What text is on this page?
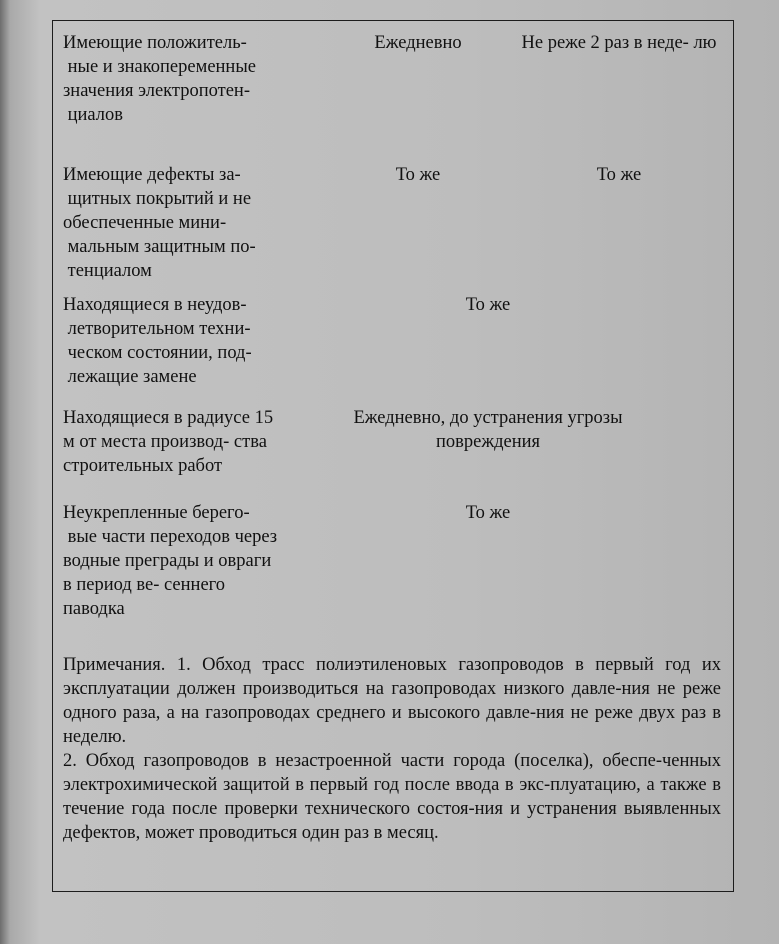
Имеющие положитель- ные и знакопеременные значения электропотен- циалов
Ежедневно	Не реже 2 раз в неде- лю
Имеющие дефекты за- щитных покрытий и не обеспеченные мини- мальным защитным по- тенциалом
То же	То же
Находящиеся в неудов- летворительном техни- ческом состоянии, под- лежащие замене
То же
Находящиеся в радиусе 15 м от места производ- ства строительных работ
Ежедневно, до устранения угрозы повреждения
Неукрепленные берего- вые части переходов через водные преграды и овраги в период ве- сеннего паводка
То же

Примечания. 1. Обход трасс полиэтиленовых газопроводов в первый год их эксплуатации должен производиться на газопроводах низкого давле-ния не реже одного раза, а на газопроводах среднего и высокого давле-ния не реже двух раз в неделю.

2. Обход газопроводов в незастроенной части города (поселка), обеспе-ченных электрохимической защитой в первый год после ввода в экс-плуатацию, а также в течение года после проверки технического состоя-ния и устранения выявленных дефектов, может проводиться один раз в месяц.
